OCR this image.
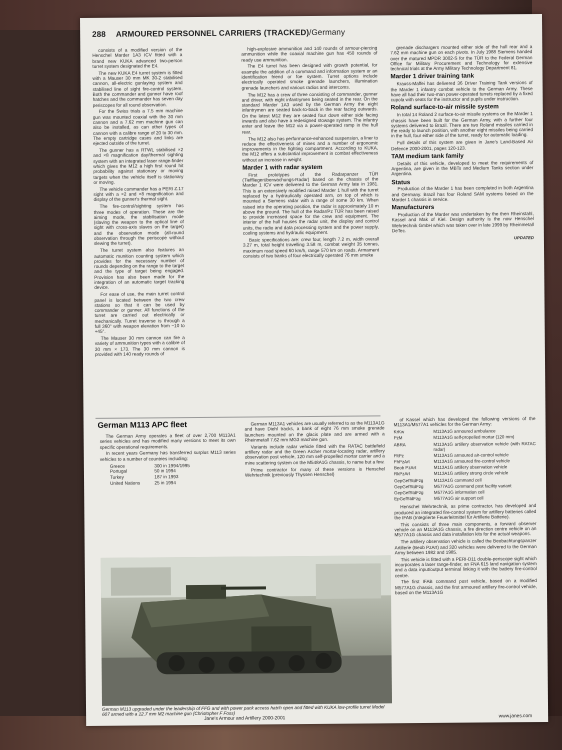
288 ARMOURED PERSONNEL CARRIERS (TRACKED)/Germany

consists of a modified version of the Henschel Marder 1A3 ICV fitted with a brand new KUKA advanced two-person turret system designated the E4.

The new KUKA E4 turret system is fitted with a Mauser 30 mm MK 30-2 stabilised cannon, all-electric gunlaying system and stabilised line of sight fire-control system. Both the commander and gunner have roof hatches and the commander has seven day periscopes for all round observation.

For the Swiss trials a 7.5 mm machine gun was mounted coaxial with the 30 mm cannon and a 7.62 mm machine gun can also be installed, as can other types of cannon with a calibre range of 20 to 30 mm. The empty cartridge cases and links are ejected outside of the turret.

The gunner has a RTWL stabilised ×2 and ×8 magnification day/thermal sighting system with an integrated laser range-finder which gives the M12 a high first round hit probability against stationary or moving targets when the vehicle itself is stationary or moving.

The vehicle commander has a PERI Z.17 sight with a ×2 and ×8 magnification and display of the gunner's thermal sight.

The fire-control/sighting system has three modes of operation. These are the aiming mode, the stabilisation mode (slaving the weapon to the optical line of sight with cross-axis slaves on the target) and the observation mode (all-round observation through the periscope without slewing the turret).

The turret system also features an automatic munition counting system which provides for the necessary number of rounds depending on the range to the target and the type of target being engaged. Provision has also been made for the integration of an automatic target tracking device.

For ease of use, the main turret control panel is located between the two crew stations so that it can be used by commander or gunner. All functions of the turret are carried out electrically or mechanically. Turret traverse is through a full 360° with weapon elevation from −10 to +45°.

The Mauser 30 mm cannon can fire a variety of ammunition types with a calibre of 30 mm × 173. The 30 mm cannon is provided with 140 ready rounds of

high-explosive ammunition and 140 rounds of armour-piercing ammunition while the coaxial machine gun has 450 rounds of ready use ammunition.

The E4 turret has been designed with growth potential, for example the addition of a command and information system or an identification friend or foe system. Turret options include electrically operated smoke grenade launchers, illumination grenade launchers and various radios and intercoms.

The M12 has a crew of three consisting of commander, gunner and driver, with eight infantrymen being seated in the rear. On the standard Marder 1A3 used by the German Army the eight infantrymen are seated back-to-back in the rear facing outwards. On the latest M12 they are seated four down either side facing inwards and also have a redesigned stowage system. The infantry enter and leave the M12 via a power-operated ramp in the hull rear.

The M12 also has performance-enhanced suspension, a liner to reduce the effectiveness of mines and a number of ergonomic improvements in the fighting compartment. According to KUKA, the M12 offers a substantial improvement in combat effectiveness without an increase in weight.

Marder 1 with radar system

First prototypes of the Radarpanzer TÜR (Tieffliegerüberwachungs-Radar) based on the chassis of the Marder 1 ICV were delivered to the German Army late in 1981. This is an extensively modified raised Marder 1 hull with the turret replaced by a hydraulically operated arm, on top of which is mounted a Siemens radar with a range of some 30 km. When raised into the operating position, the radar is approximately 10 m above the ground. The hull of the Radar/Pz TÜR has been raised to provide increased space for the crew and equipment. The interior of the hull houses the radar unit, the display and control units, the radio and data processing system and the power supply, cooling systems and hydraulic equipment.

Basic specifications are: crew four, length 7.2 m, width overall 3.27 m, total height travelling 3.58 m, combat weight 35 tonnes, maximum road speed 60 km/h, range 570 km on roads. Armament consists of two banks of four electrically operated 76 mm smoke

grenade dischargers mounted either side of the hull rear and a 7.62 mm machine gun on each pivots. In July 1988 Siemens handed over the matured MPDR 3002-S for the TÜR to the Federal German Office for Military Procurement and Technology for extensive technical trials at the Army Military Technology Department 81.

Marder 1 driver training tank

Krauss-Maffei has delivered 36 Driver Training Tank versions of the Marder 1 infantry combat vehicle to the German Army. These have all had their two-man power-operated turrets replaced by a fixed cupola with seats for the instructor and pupils under instruction.

Roland surface-to-air missile system

In total 14 Roland 2 surface-to-air missile systems on the Marder 1 chassis have been built for the German Army, with a further four systems delivered to Brazil. There are two Roland missiles carried in the ready to launch position, with another eight missiles being carried in the hull, four either side of the turret, ready for automatic loading.

Full details of this system are given in Jane's Land-Based Air Defence 2000-2001, pages 120-123.

TAM medium tank family

Details of this vehicle, developed to meet the requirements of Argentina, are given in the MBTs and Medium Tanks section under Argentina.

Status

Production of the Marder 1 has been completed in both Argentina and Germany. Brazil has four Roland SAM systems based on the Marder 1 chassis in service.

Manufacturers

Production of the Marder was undertaken by the then Rheinstahl, Kassel and Mak of Kiel. Design authority is the now Henschel Wehrtechnik GmbH which was taken over in late 1999 by Rheinmetall DeTec.

UPDATED
German M113 APC fleet

The German Army operates a fleet of over 2,700 M113A1 series vehicles and has modified many versions to meet its own specific operational requirements.

In recent years Germany has transferred surplus M113 series vehicles to a number of countries including:

Greece	300 in 1994/1995
Portugal	50 in 1994
Turkey	187 in 1993
United Nations	25 in 1994

German M113A1 vehicles are usually referred to as the M113A1G and have Diehl tracks, a bank of eight 76 mm smoke grenade launchers mounted on the glacis plate and are armed with a Rheinmetall 7.62 mm MG3 machine gun.

Variants include radar vehicle fitted with the RATAC battlefield artillery radar and the Green Archer mortar-locating radar, artillery observation post vehicle, 120 mm self-propelled mortar carrier and a mine scattering system on the M548A1G chassis, to name but a few.

Prime contractor for many of these versions is Henschel Wehrtechnik (previously Thyssen Henschel)

of Kassel which has developed the following versions of the M113A1/M577A1 vehicles for the German Army:

KrKw	M113A1G armoured ambulance
PzM	M113A1G self-propelled mortar (120 mm)
ABRA	M113A1G artillery observation vehicle (with RATAC radar)
FltPz	M113A1G armoured air-control vehicle
FhPzArt	M113A1G armoured fire-control vehicle
Beob PzArt	M113A1G artillery observation vehicle
RkPzArt	M113A1G artillery strong circle vehicle
GepGefStdFzg	M113A1G command cell
GepGefStdFzg	M577A1G command post facility variant
GepGefStdFzg	M577A1G information cell
EpGefStdFzg	M577A1G air support cell

Henschel Wehrtechnik, as prime contractor, has developed and produced an integrated fire-control system for artillery batteries called the IFAB (Integrierte Feuerleitmittel für Artillerie Batterie).

This consists of three main components, a forward observer vehicle on an M113A1G chassis, a fire direction centre vehicle on an M577A1G chassis and data installation kits for the actual weapons.

The artillery observation vehicle is called the Beobachtungspanzer Artillerie (Beob PzArt) and 320 vehicles were delivered to the German Army between 1982 and 1985.

This vehicle is fitted with a PERI-D11 double-periscope sight which incorporates a laser range-finder, an FNA 615 land navigation system and a data input/output terminal linking it with the battery fire-control centre.

The first IFAB command post vehicle, based on a modified M577A1G chassis, and the first armoured artillery fire-control vehicle, based on the M113A1G

German M113 upgraded under the leadership of FFG and with power pack access hatch open and fitted with KUKA low-profile turret Model 607 armed with a 12.7 mm M2 machine gun (Christopher F Foss)
Jane's Armour and Artillery 2000-2001	www.janes.com
